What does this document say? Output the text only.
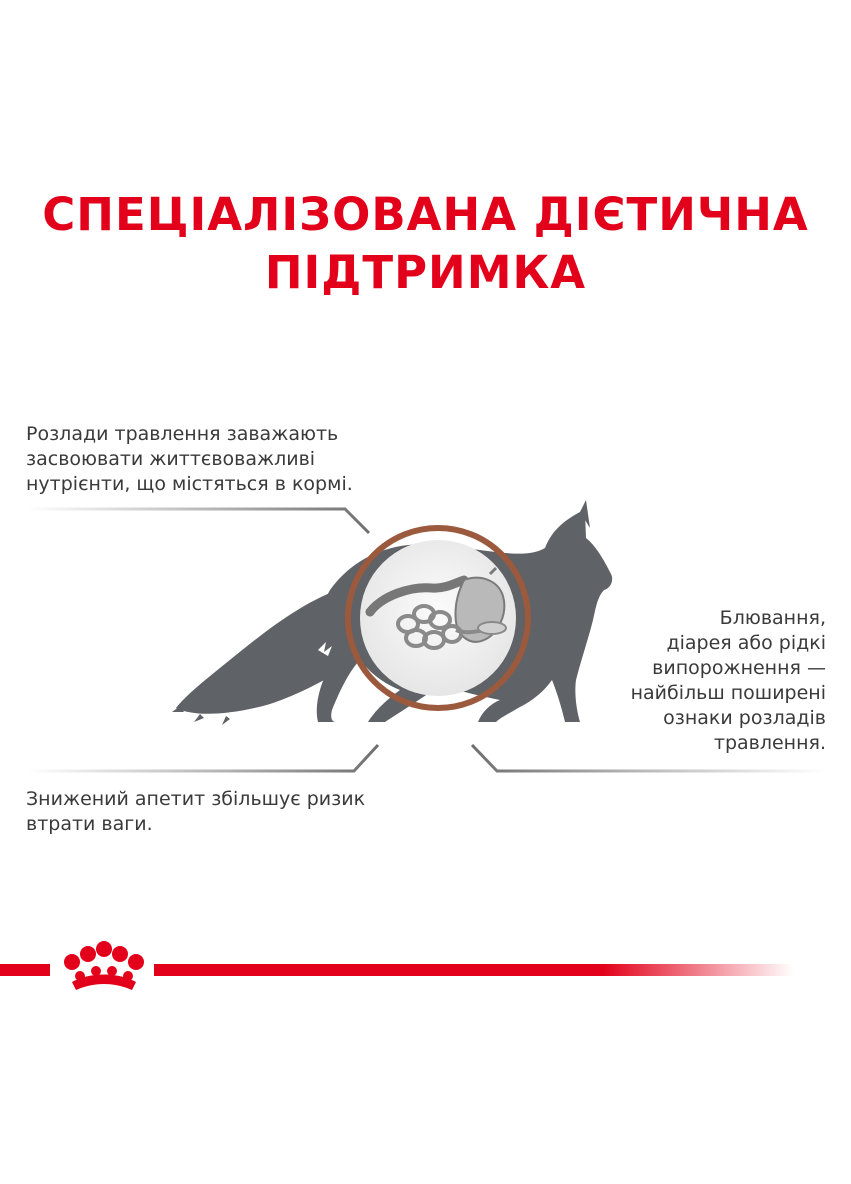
СПЕЦІАЛІЗОВАНА ДІЄТИЧНА
ПІДТРИМКА
Розлади травлення заважають
засвоювати життєвоважливі
нутрієнти, що містяться в кормі.
Блювання,
діарея або рідкі
випорожнення —
найбільш поширені
ознаки розладів
травлення.
Знижений апетит збільшує ризик
втрати ваги.
